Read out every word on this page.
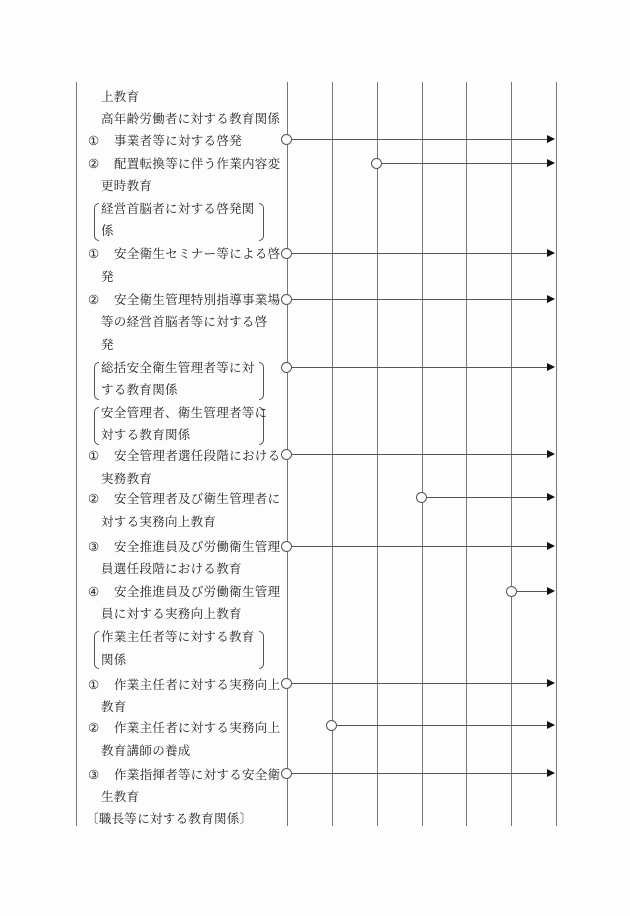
上教育
高年齢労働者に対する教育関係
① 事業者等に対する啓発
② 配置転換等に伴う作業内容変
更時教育
経営首脳者に対する啓発関
係
① 安全衛生セミナー等による啓
発
② 安全衛生管理特別指導事業場
等の経営首脳者等に対する啓
発
総括安全衛生管理者等に対
する教育関係
安全管理者、衛生管理者等に
対する教育関係
① 安全管理者選任段階における
実務教育
② 安全管理者及び衛生管理者に
対する実務向上教育
③ 安全推進員及び労働衛生管理
員選任段階における教育
④ 安全推進員及び労働衛生管理
員に対する実務向上教育
作業主任者等に対する教育
関係
① 作業主任者に対する実務向上
教育
② 作業主任者に対する実務向上
教育講師の養成
③ 作業指揮者等に対する安全衛
生教育
〔職長等に対する教育関係〕
